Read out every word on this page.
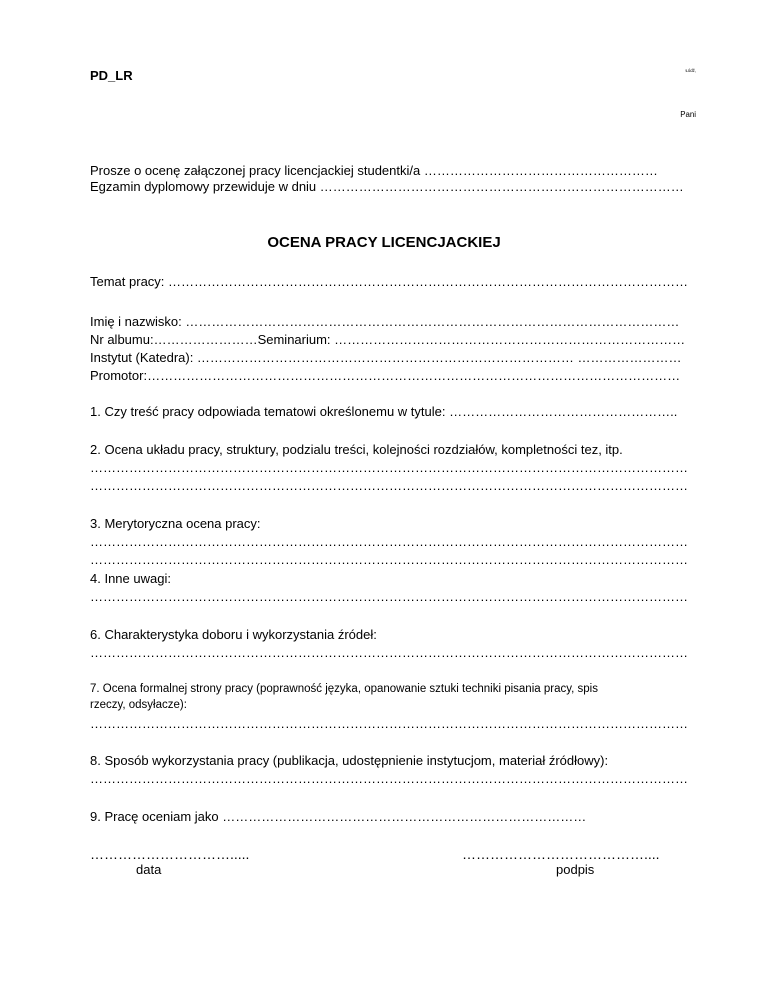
PD_LR	Łódź,
Pani
Prosze o ocenę załączonej pracy licencjackiej studentki/a ………………………………………………
Egzamin dyplomowy przewiduje w dniu …………………………………………………………………………
OCENA PRACY LICENCJACKIEJ
Temat pracy: …………………………………………………………………………………………………………
Imię i nazwisko: ……………………………………………………………………………………………………
Nr albumu:……………………Seminarium: ………………………………………………………………………
Instytut (Katedra): …………………………………………………………………………… ……………………
Promotor:……………………………………………………………………………………………………………
1. Czy treść pracy odpowiada tematowi określonemu w tytule: ……………………………………………..
2. Ocena układu pracy, struktury, podzialu treści, kolejności rozdziałów, kompletności tez, itp.
…………………………………………………………………………………………………………………………
…………………………………………………………………………………………………………………………
3. Merytoryczna ocena pracy:
…………………………………………………………………………………………………………………………
…………………………………………………………………………………………………………………………
4. Inne uwagi:
…………………………………………………………………………………………………………………………
6. Charakterystyka doboru i wykorzystania źródeł:
…………………………………………………………………………………………………………………………
7. Ocena formalnej strony pracy (poprawność języka, opanowanie sztuki techniki pisania pracy, spis
rzeczy, odsyłacze):
…………………………………………………………………………………………………………………………
8. Sposób wykorzystania pracy (publikacja, udostępnienie instytucjom, materiał źródłowy):
…………………………………………………………………………………………………………………………
9. Pracę oceniam jako …………………………………………………………………………
………………………….....	…………………………………....
data	podpis
